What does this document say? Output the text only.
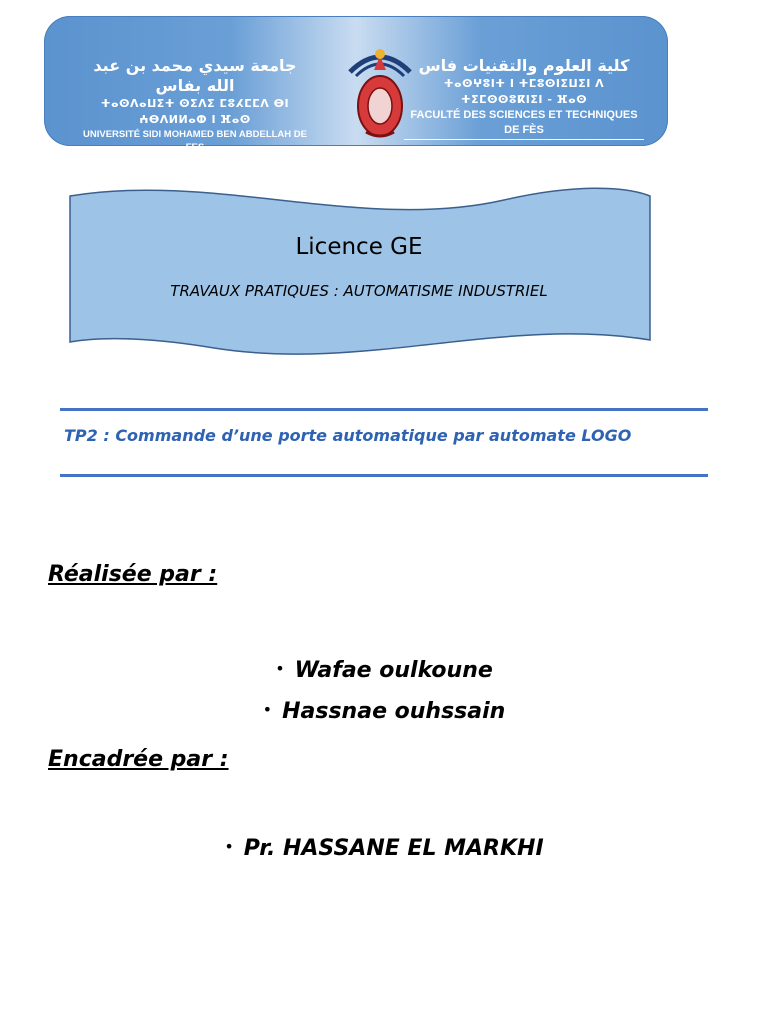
جامعة سيدي محمد بن عبد الله بفاس
ⵜⴰⵙⴷⴰⵡⵉⵜ ⵙⵉⴷⵉ ⵎⵓⵃⵎⵎⴷ ⴱⵏ ⵄⴱⴷⵍⵍⴰⵀ ⵏ ⴼⴰⵙ
UNIVERSITÉ SIDI MOHAMED BEN ABDELLAH DE FES
كلية العلوم والتقنيات فاس
ⵜⴰⵙⵖⵓⵏⵜ ⵏ ⵜⵎⵓⵙⵏⵉⵡⵉⵏ ⴷ ⵜⵉⵎⵙⵙⵓⴽⵏⵉⵏ - ⴼⴰⵙ
FACULTÉ DES SCIENCES ET TECHNIQUES DE FÈS
Licence GE
TRAVAUX PRATIQUES : AUTOMATISME INDUSTRIEL
TP2 : Commande d’une porte automatique par automate LOGO
Réalisée par :
• Wafae oulkoune
• Hassnae ouhssain
Encadrée par :
• Pr. HASSANE EL MARKHI
